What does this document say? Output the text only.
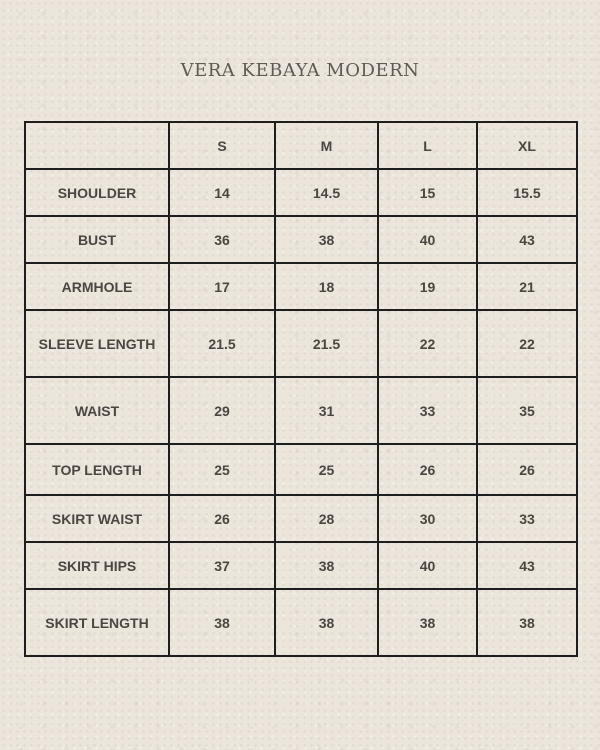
VERA KEBAYA MODERN
	S	M	L	XL
SHOULDER	14	14.5	15	15.5
BUST	36	38	40	43
ARMHOLE	17	18	19	21
SLEEVE LENGTH	21.5	21.5	22	22
WAIST	29	31	33	35
TOP LENGTH	25	25	26	26
SKIRT WAIST	26	28	30	33
SKIRT HIPS	37	38	40	43
SKIRT LENGTH	38	38	38	38
